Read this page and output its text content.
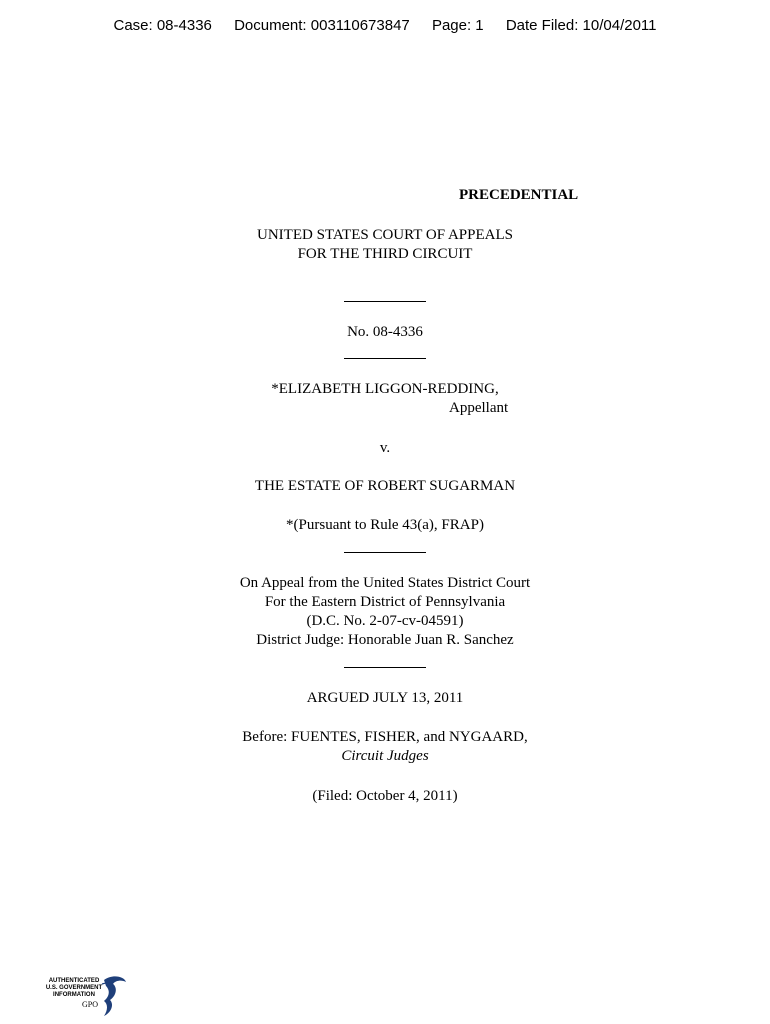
Case: 08-4336 Document: 003110673847 Page: 1 Date Filed: 10/04/2011
PRECEDENTIAL
UNITED STATES COURT OF APPEALS
FOR THE THIRD CIRCUIT
No. 08-4336
*ELIZABETH LIGGON-REDDING,
Appellant
v.
THE ESTATE OF ROBERT SUGARMAN
*(Pursuant to Rule 43(a), FRAP)
On Appeal from the United States District Court
For the Eastern District of Pennsylvania
(D.C. No. 2-07-cv-04591)
District Judge: Honorable Juan R. Sanchez
ARGUED JULY 13, 2011
Before: FUENTES, FISHER, and NYGAARD,
Circuit Judges
(Filed: October 4, 2011)
AUTHENTICATED
U.S. GOVERNMENT
INFORMATION
GPO
